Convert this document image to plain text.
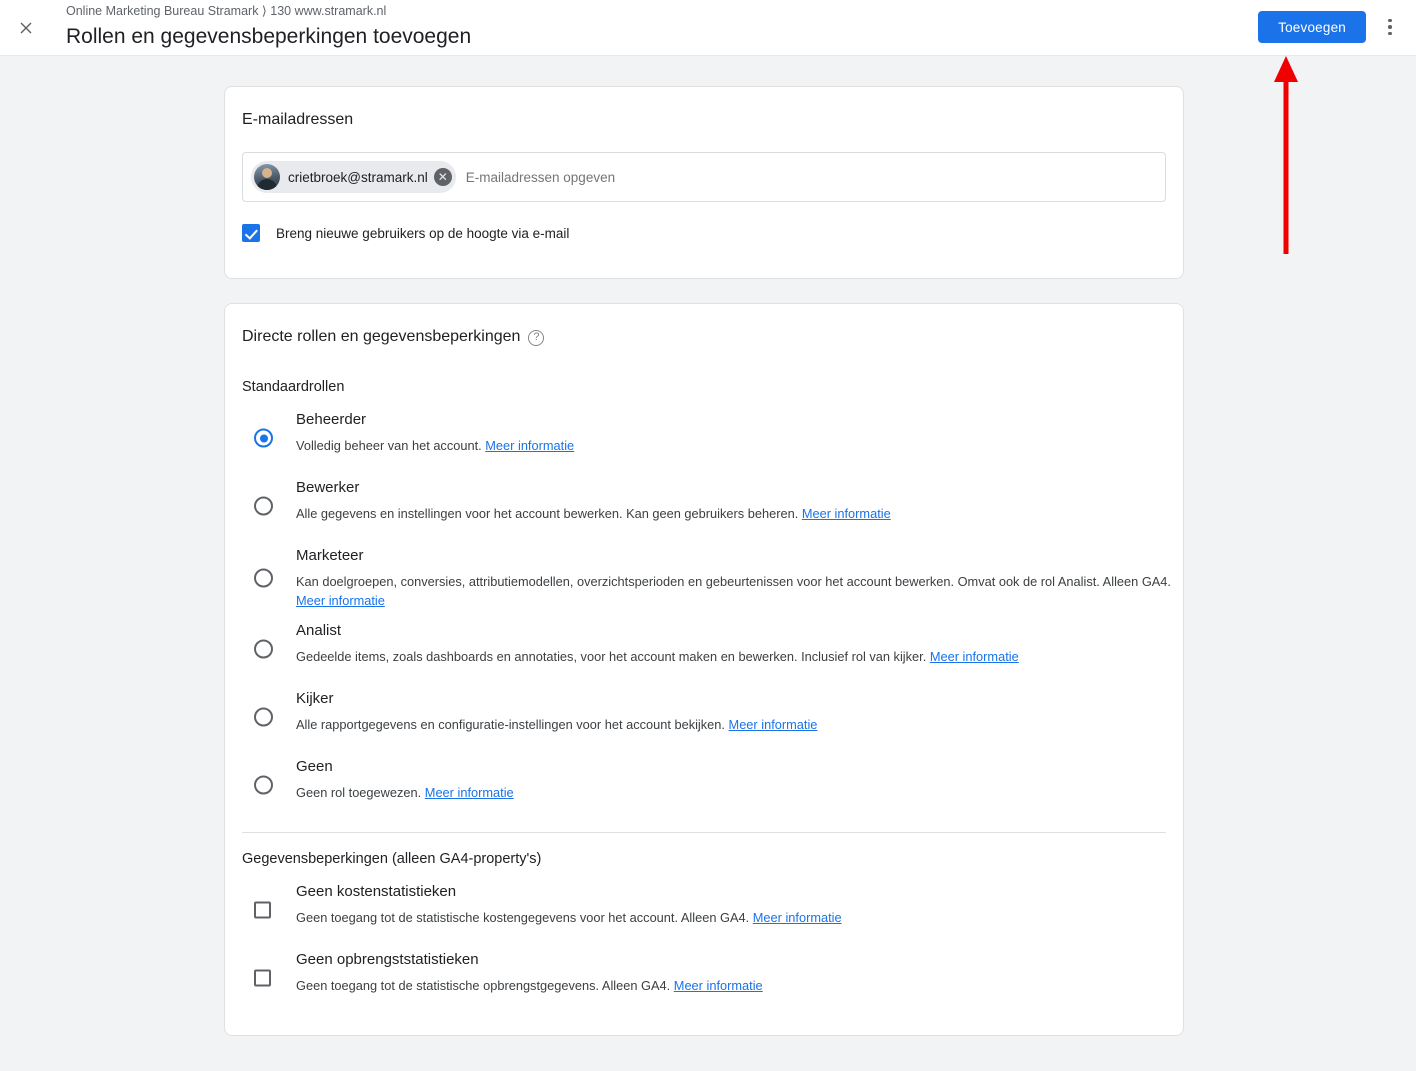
Online Marketing Bureau Stramark ⟩ 130 www.stramark.nl
Rollen en gegevensbeperkingen toevoegen	Toevoegen
E-mailadressen
crietbroek@stramark.nl ✕
E-mailadressen opgeven
Breng nieuwe gebruikers op de hoogte via e-mail
Directe rollen en gegevensbeperkingen	?
Standaardrollen
Beheerder
Volledig beheer van het account. Meer informatie
Bewerker
Alle gegevens en instellingen voor het account bewerken. Kan geen gebruikers beheren. Meer informatie
Marketeer
Kan doelgroepen, conversies, attributiemodellen, overzichtsperioden en gebeurtenissen voor het account bewerken. Omvat ook de rol Analist. Alleen GA4. Meer informatie
Analist
Gedeelde items, zoals dashboards en annotaties, voor het account maken en bewerken. Inclusief rol van kijker. Meer informatie
Kijker
Alle rapportgegevens en configuratie-instellingen voor het account bekijken. Meer informatie
Geen
Geen rol toegewezen. Meer informatie
Gegevensbeperkingen (alleen GA4-property's)
Geen kostenstatistieken
Geen toegang tot de statistische kostengegevens voor het account. Alleen GA4. Meer informatie
Geen opbrengststatistieken
Geen toegang tot de statistische opbrengstgegevens. Alleen GA4. Meer informatie
